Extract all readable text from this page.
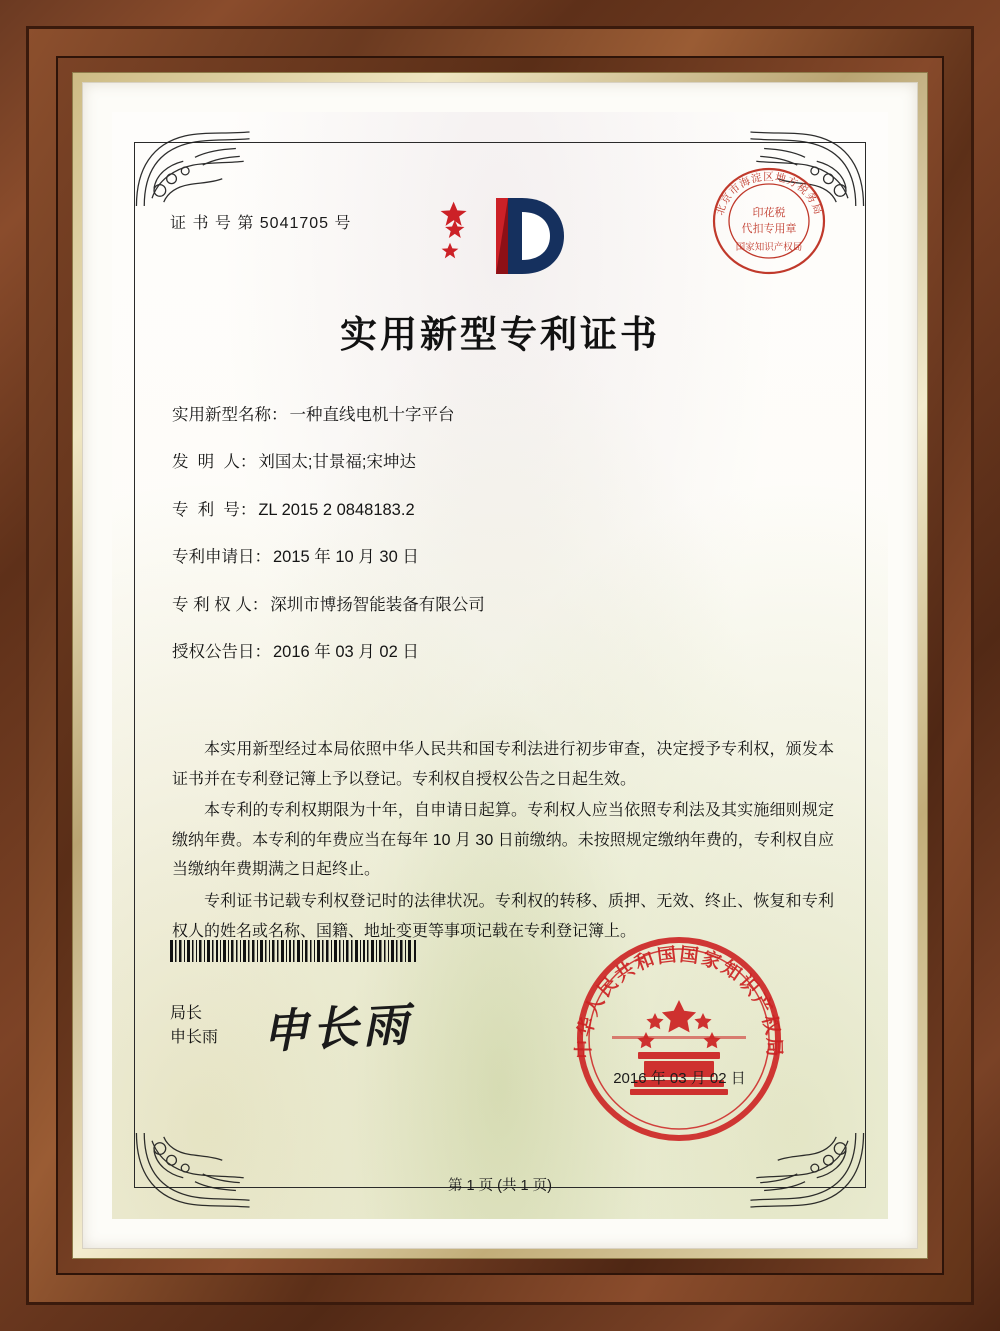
证 书 号 第 5041705 号
北京市海淀区地方税务局
印花税
代扣专用章
国家知识产权局
实用新型专利证书
实用新型名称： 一种直线电机十字平台
发  明  人： 刘国太;甘景福;宋坤达
专  利  号： ZL 2015 2 0848183.2
专利申请日： 2015 年 10 月 30 日
专 利 权 人： 深圳市博扬智能装备有限公司
授权公告日： 2016 年 03 月 02 日

本实用新型经过本局依照中华人民共和国专利法进行初步审查，决定授予专利权，颁发本证书并在专利登记簿上予以登记。专利权自授权公告之日起生效。

本专利的专利权期限为十年，自申请日起算。专利权人应当依照专利法及其实施细则规定缴纳年费。本专利的年费应当在每年 10 月 30 日前缴纳。未按照规定缴纳年费的，专利权自应当缴纳年费期满之日起终止。

专利证书记载专利权登记时的法律状况。专利权的转移、质押、无效、终止、恢复和专利权人的姓名或名称、国籍、地址变更等事项记载在专利登记簿上。

局长
申长雨 申长雨	中华人民共和国国家知识产权局
2016 年 03 月 02 日
第 1 页 (共 1 页)
